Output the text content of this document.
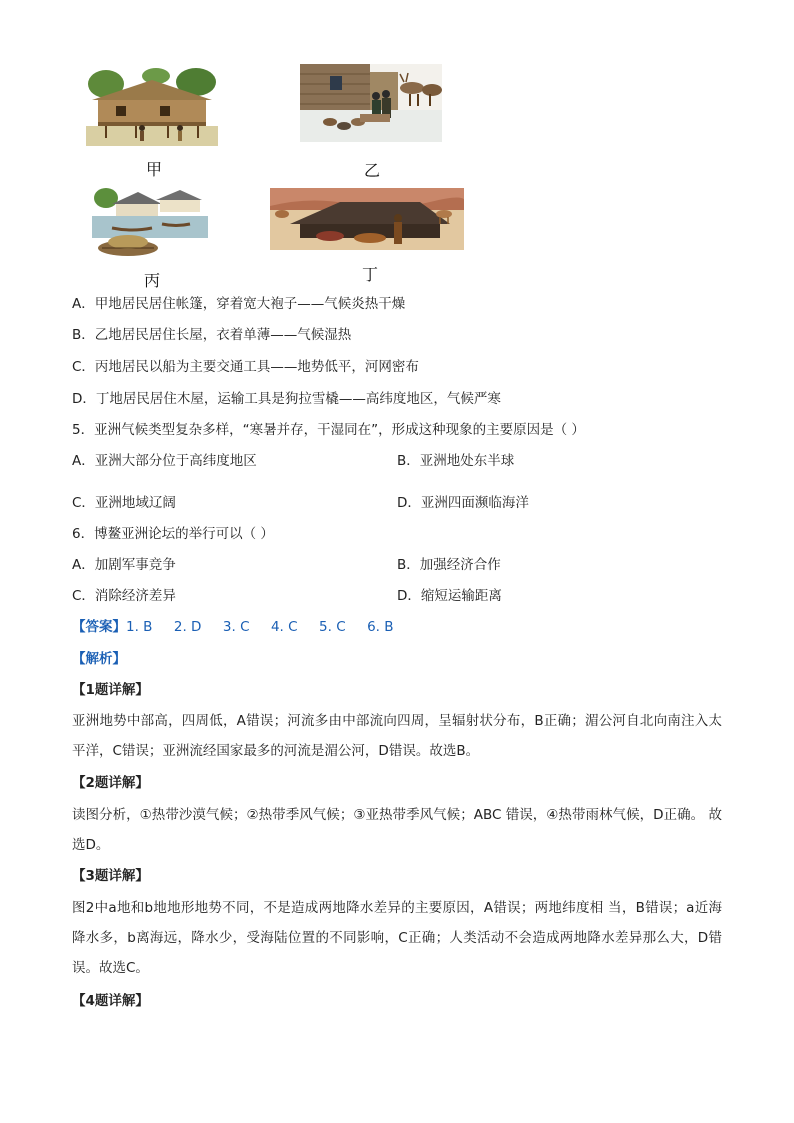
甲	乙
丙	丁
A．甲地居民居住帐篷，穿着宽大袍子——气候炎热干燥
B．乙地居民居住长屋，衣着单薄——气候湿热
C．丙地居民以船为主要交通工具——地势低平，河网密布
D．丁地居民居住木屋，运输工具是狗拉雪橇——高纬度地区，气候严寒
5．亚洲气候类型复杂多样，“寒暑并存，干湿同在”，形成这种现象的主要原因是（ ）
A．亚洲大部分位于高纬度地区	B．亚洲地处东半球
C．亚洲地域辽阔	D．亚洲四面濒临海洋
6．博鳌亚洲论坛的举行可以（ ）
A．加剧军事竞争	B．加强经济合作
C．消除经济差异	D．缩短运输距离
【答案】1. B     2. D     3. C     4. C     5. C     6. B
【解析】
【1题详解】
亚洲地势中部高，四周低，A错误；河流多由中部流向四周，呈辐射状分布，B正确；湄公河自北向南注入太平洋，C错误；亚洲流经国家最多的河流是湄公河，D错误。故选B。
【2题详解】
读图分析，①热带沙漠气候；②热带季风气候；③亚热带季风气候；ABC 错误，④热带雨林气候，D正确。 故选D。
【3题详解】
图2中a地和b地地形地势不同，不是造成两地降水差异的主要原因，A错误；两地纬度相 当，B错误；a近海降水多，b离海远，降水少，受海陆位置的不同影响，C正确；人类活动不会造成两地降水差异那么大，D错误。故选C。
【4题详解】
